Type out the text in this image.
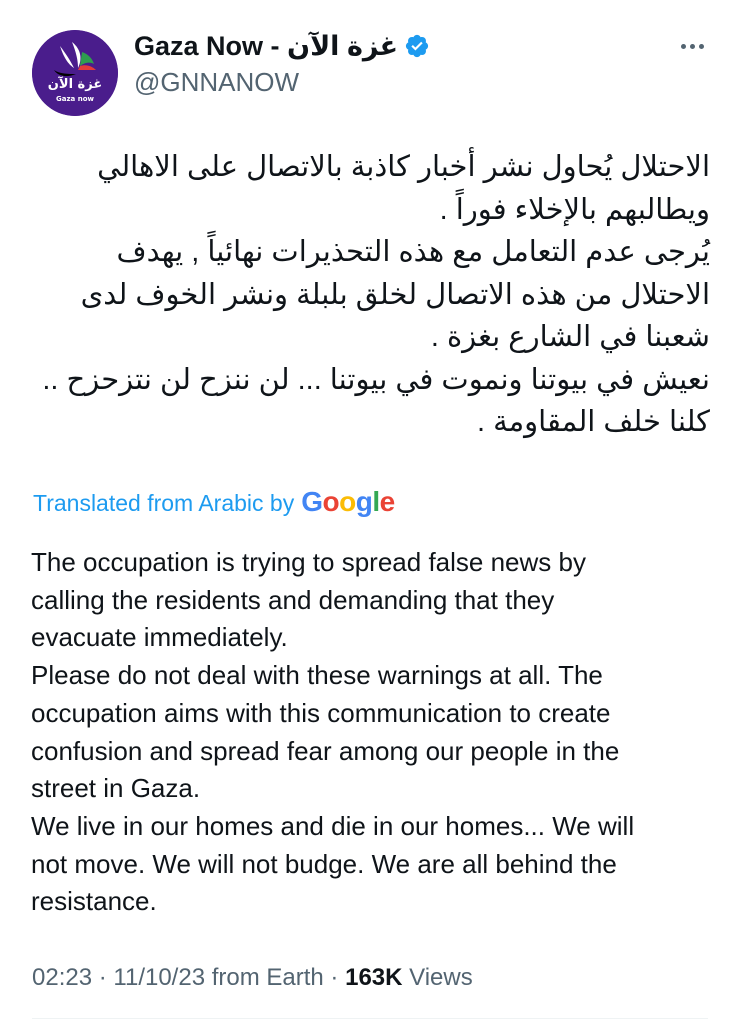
غزة الآن
Gaza now
Gaza Now - غزة الآن
@GNNANOW
الاحتلال يُحاول نشر أخبار كاذبة بالاتصال على الاهالي
ويطالبهم بالإخلاء فوراً .
يُرجى عدم التعامل مع هذه التحذيرات نهائياً , يهدف
الاحتلال من هذه الاتصال لخلق بلبلة ونشر الخوف لدى
شعبنا في الشارع بغزة .
نعيش في بيوتنا ونموت في بيوتنا ... لن ننزح لن نتزحزح ..
كلنا خلف المقاومة .
Translated from Arabic by Google
The occupation is trying to spread false news by
calling the residents and demanding that they
evacuate immediately.
Please do not deal with these warnings at all. The
occupation aims with this communication to create
confusion and spread fear among our people in the
street in Gaza.
We live in our homes and die in our homes... We will
not move. We will not budge. We are all behind the
resistance.
02:23 · 11/10/23 from Earth · 163K Views
